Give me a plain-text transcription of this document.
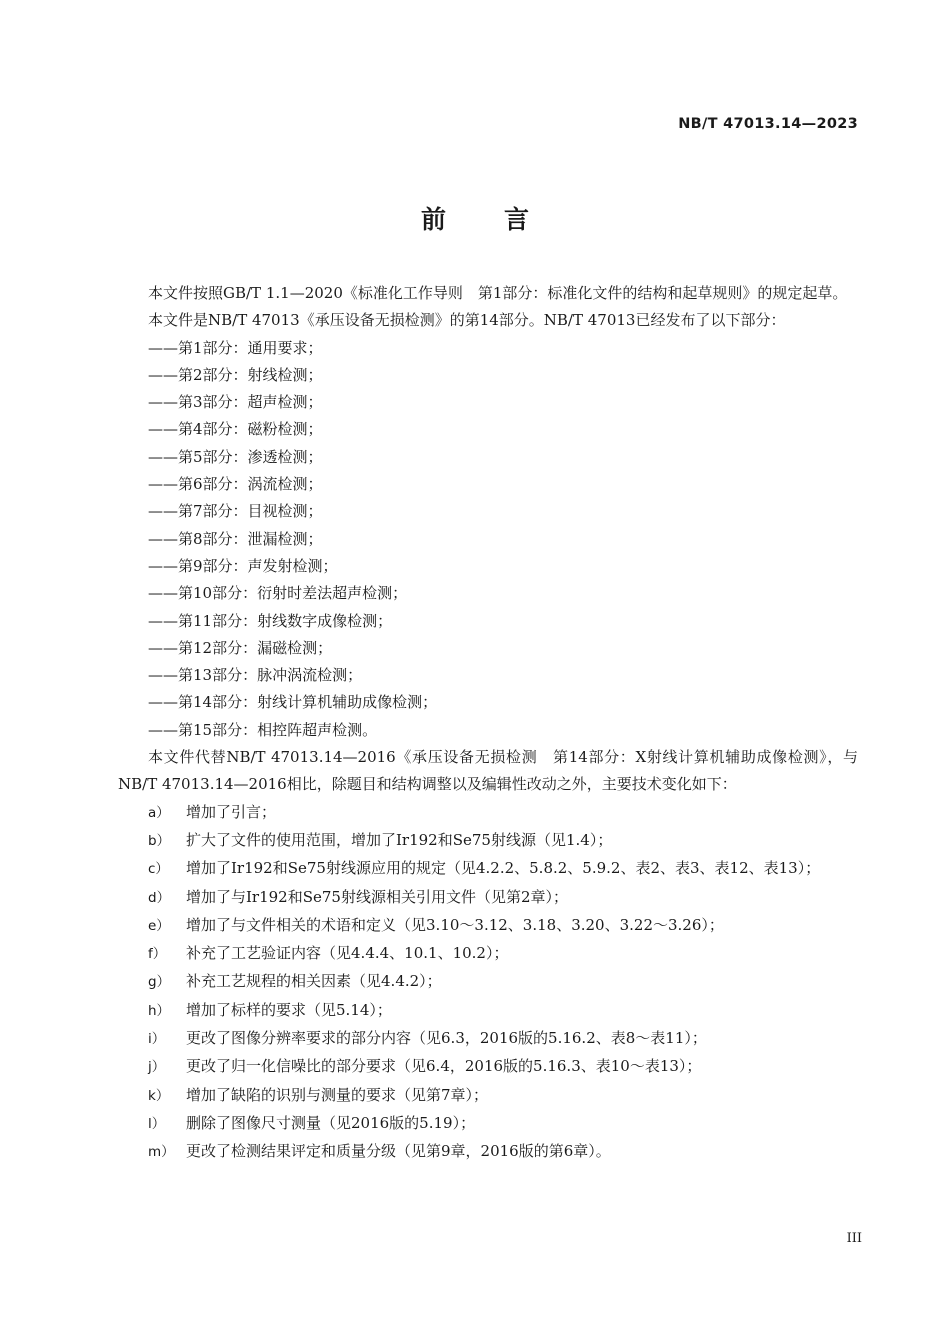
NB/T 47013.14—2023
前言

本文件按照GB/T 1.1—2020《标准化工作导则　第1部分：标准化文件的结构和起草规则》的规定起草。

本文件是NB/T 47013《承压设备无损检测》的第14部分。NB/T 47013已经发布了以下部分：

——第1部分：通用要求；

——第2部分：射线检测；

——第3部分：超声检测；

——第4部分：磁粉检测；

——第5部分：渗透检测；

——第6部分：涡流检测；

——第7部分：目视检测；

——第8部分：泄漏检测；

——第9部分：声发射检测；

——第10部分：衍射时差法超声检测；

——第11部分：射线数字成像检测；

——第12部分：漏磁检测；

——第13部分：脉冲涡流检测；

——第14部分：射线计算机辅助成像检测；

——第15部分：相控阵超声检测。

本文件代替NB/T 47013.14—2016《承压设备无损检测　第14部分：X射线计算机辅助成像检测》，与NB/T 47013.14—2016相比，除题目和结构调整以及编辑性改动之外，主要技术变化如下：

a） 增加了引言；

b） 扩大了文件的使用范围，增加了Ir192和Se75射线源（见1.4）；

c） 增加了Ir192和Se75射线源应用的规定（见4.2.2、5.8.2、5.9.2、表2、表3、表12、表13）；

d） 增加了与Ir192和Se75射线源相关引用文件（见第2章）；

e） 增加了与文件相关的术语和定义（见3.10～3.12、3.18、3.20、3.22～3.26）；

f） 补充了工艺验证内容（见4.4.4、10.1、10.2）；

g） 补充工艺规程的相关因素（见4.4.2）；

h） 增加了标样的要求（见5.14）；

i） 更改了图像分辨率要求的部分内容（见6.3，2016版的5.16.2、表8～表11）；

j） 更改了归一化信噪比的部分要求（见6.4，2016版的5.16.3、表10～表13）；

k） 增加了缺陷的识别与测量的要求（见第7章）；

l） 删除了图像尺寸测量（见2016版的5.19）；

m） 更改了检测结果评定和质量分级（见第9章，2016版的第6章）。

III
